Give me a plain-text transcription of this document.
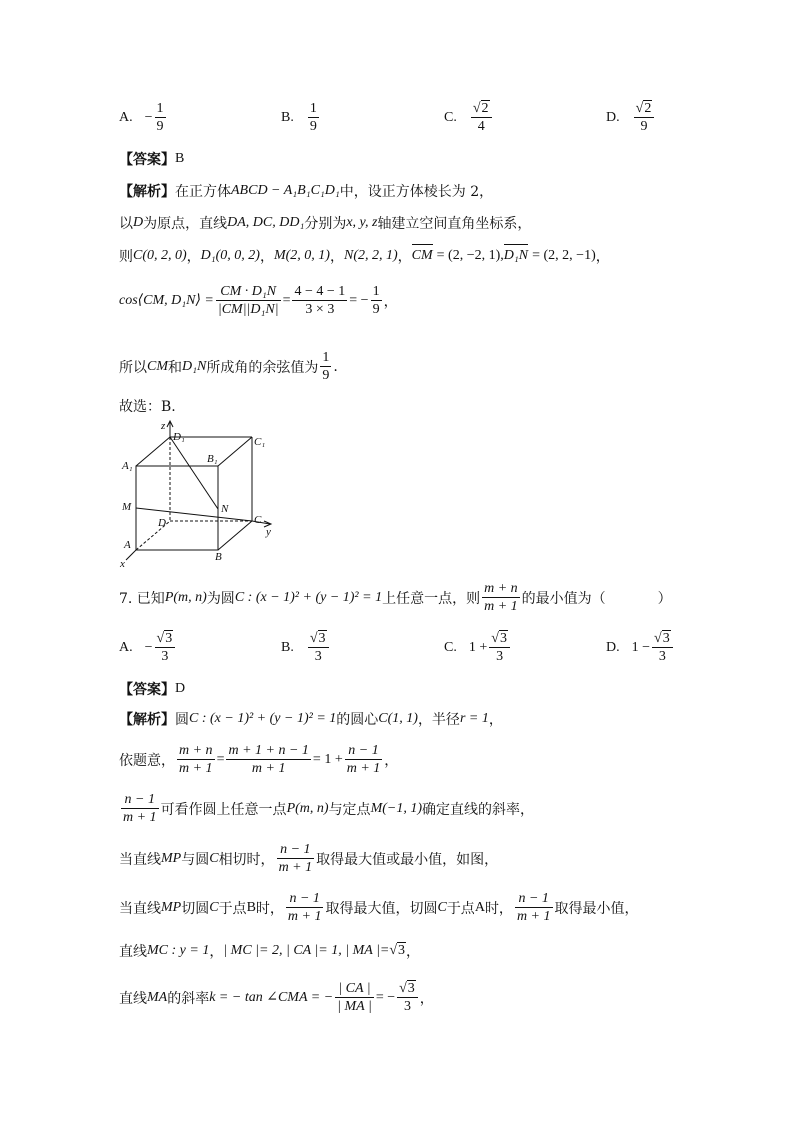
A. − $\frac{1}{9}$	B. $\frac{1}{9}$	C. $\frac{√2}{4}$	D. $\frac{√2}{9}$
【答案】 B
【解析】 在正方体 ABCD − A₁B₁C₁D₁ 中，设正方体棱长为 2，
以 D 为原点，直线 DA, DC, DD₁ 分别为 x, y, z 轴建立空间直角坐标系，
则 C(0, 2, 0) ， D₁(0, 0, 2) ， M(2, 0, 1) ， N(2, 2, 1) ， CM = (2, −2, 1), D₁N = (2, 2, −1) ，
cos⟨CM, D₁N⟩ = $\frac{\text{CM · D₁N}}{\text{|CM||D₁N|}} = \frac{4 - 4 - 1}{3 \times 3}$ = − $\frac{1}{9}$ ，
所以 CM 和 D₁N 所成角的余弦值为 $\frac{1}{9}$ .
故选：B.
z
D₁	C₁
A₁
B₁
M	N
D	C
y
A
B
x
7. 已知 P(m, n) 为圆 C : (x − 1)² + (y − 1)² = 1 上任意一点，则 $\frac{m + n}{m + 1}$ 的最小值为（	）
A. − $\frac{√3}{3}$	B. $\frac{√3}{3}$	C. $1 + \frac{√3}{3}$	D. $1 - \frac{√3}{3}$
【答案】 D
【解析】 圆 C : (x − 1)² + (y − 1)² = 1 的圆心 C(1, 1) ，半径 r = 1 ，
依题意， $\frac{m + n}{m + 1} = \frac{m + 1 + n - 1}{m + 1} = 1 + \frac{n - 1}{m + 1}$ ，
$\frac{n - 1}{m + 1}$ 可看作圆上任意一点 P(m, n) 与定点 M(−1, 1) 确定直线的斜率，
当直线 MP 与圆 C 相切时， $\frac{n - 1}{m + 1}$ 取得最大值或最小值，如图，
当直线 MP 切圆 C 于点 B 时， $\frac{n - 1}{m + 1}$ 取得最大值，切圆 C 于点 A 时， $\frac{n - 1}{m + 1}$ 取得最小值，
直线 MC : y = 1 ， | MC |= 2, | CA |= 1, | MA |= √3 ，
直线 MA 的斜率 k = − tan ∠CMA = − $\frac{| CA |}{| MA |}$ = − $\frac{√3}{3}$ ，
